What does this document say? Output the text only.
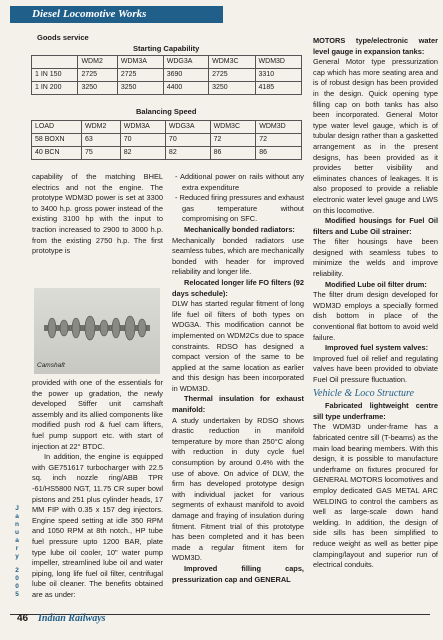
Diesel Locomotive Works
Goods service
Starting Capability
	WDM2	WDM3A	WDG3A	WDM3C	WDM3D
1 IN 150	2725	2725	3690	2725	3310
1 IN 200	3250	3250	4400	3250	4185
Balancing Speed
LOAD	WDM2	WDM3A	WDG3A	WDM3C	WDM3D
58 BOXN	63	70	70	72	72
40 BCN	75	82	82	86	86

capability of the matching BHEL electrics and not the engine. The prototype WDM3D power is set at 3300 to 3400 h.p. gross power instead of the existing 3100 hp with the input to traction increased to 2900 to 3000 h.p. from the existing 2750 h.p. The first prototype is

Camshaft

provided with one of the essentials for the power up gradation, the newly developed Stiffer unit camshaft assembly and its allied components like modified push rod & fuel cam lifters, fuel pump support etc. with start of injection at 22° BTDC.

In addition, the engine is equipped with GE751617 turbocharger with 22.5 sq. inch nozzle ring/ABB TPR -61/HS5800 NGT, 11.75 CR super bowl pistons and 251 plus cylinder heads, 17 MM FIP with 0.35 x 157 deg injectors. Engine speed setting at idle 350 RPM and 1050 RPM at 8th notch., HP tube fuel pressure upto 1200 BAR, plate type lube oil cooler, 10" water pump impeller, streamlined lube oil and water piping, long life fuel oil filter, centrifugal lube oil cleaner. The benefits obtained are as under:

- Additional power on rails without any extra expenditure

- Reduced firing pressures and exhaust gas temperature without compromising on SFC.

Mechanically bonded radiators:

Mechanically bonded radiators use seamless tubes, which are mechanically bonded with header for improved reliability and longer life.

Relocated longer life FO filters (92 days schedule):

DLW has started regular fitment of long life fuel oil filters of both types on WDG3A. This modification cannot be implemented on WDM2Cs due to space constraints. RDSO has designed a compact version of the same to be applied at the same location as earlier and this design has been incorporated in WDM3D.

Thermal insulation for exhaust manifold:

A study undertaken by RDSO shows drastic reduction in manifold temperature by more than 250°C along with reduction in duty cycle fuel consumption by around 0.4% with the use of above. On advice of DLW, the firm has developed prototype design with individual jacket for various segments of exhaust manifold to avoid damage and fraying of insulation during fitment. Fitment trial of this prototype has been completed and it has been made a regular fitment item for WDM3D.

Improved filling caps, pressurization cap and GENERAL

MOTORS type/electronic water level gauge in expansion tanks:

General Motor type pressurization cap which has more seating area and is of robust design has been provided in the design. Quick opening type filling cap on both tanks has also been incorporated. General Motor type water level gauge, which is of tubular design rather than a gasketted arrangement as in the present designs, has been provided as it provides better visibility and eliminates chances of leakages. It is also proposed to provide a reliable electronic water level gauge and LWS on this locomotive.

Modified housings for Fuel Oil filters and Lube Oil strainer:

The filter housings have been designed with seamless tubes to minimize the welds and improve reliability.

Modified Lube oil filter drum:

The filter drum design developed for WDM3D employs a specially formed dish bottom in place of the conventional flat bottom to avoid weld failure.

Improved fuel system valves:

Improved fuel oil relief and regulating valves have been provided to obviate Fuel Oil pressure fluctuation.

Vehicle & Loco Structure

Fabricated lightweight centre sill type underframe:

The WDM3D under-frame has a fabricated centre sill (T-beams) as the main load bearing members. With this design, it is possible to manufacture underframe on fixtures procured for GENERAL MOTORS locomotives and employ dedicated GAS METAL ARC WELDING to control the cambers as well as large-scale down hand welding. In addition, the design of side sills has been simplified to reduce weight as well as better pipe clamping/layout and superior run of electrical conduits.

J
a
n
u
a
r
y
2
0
0
5
46 Indian Railways
